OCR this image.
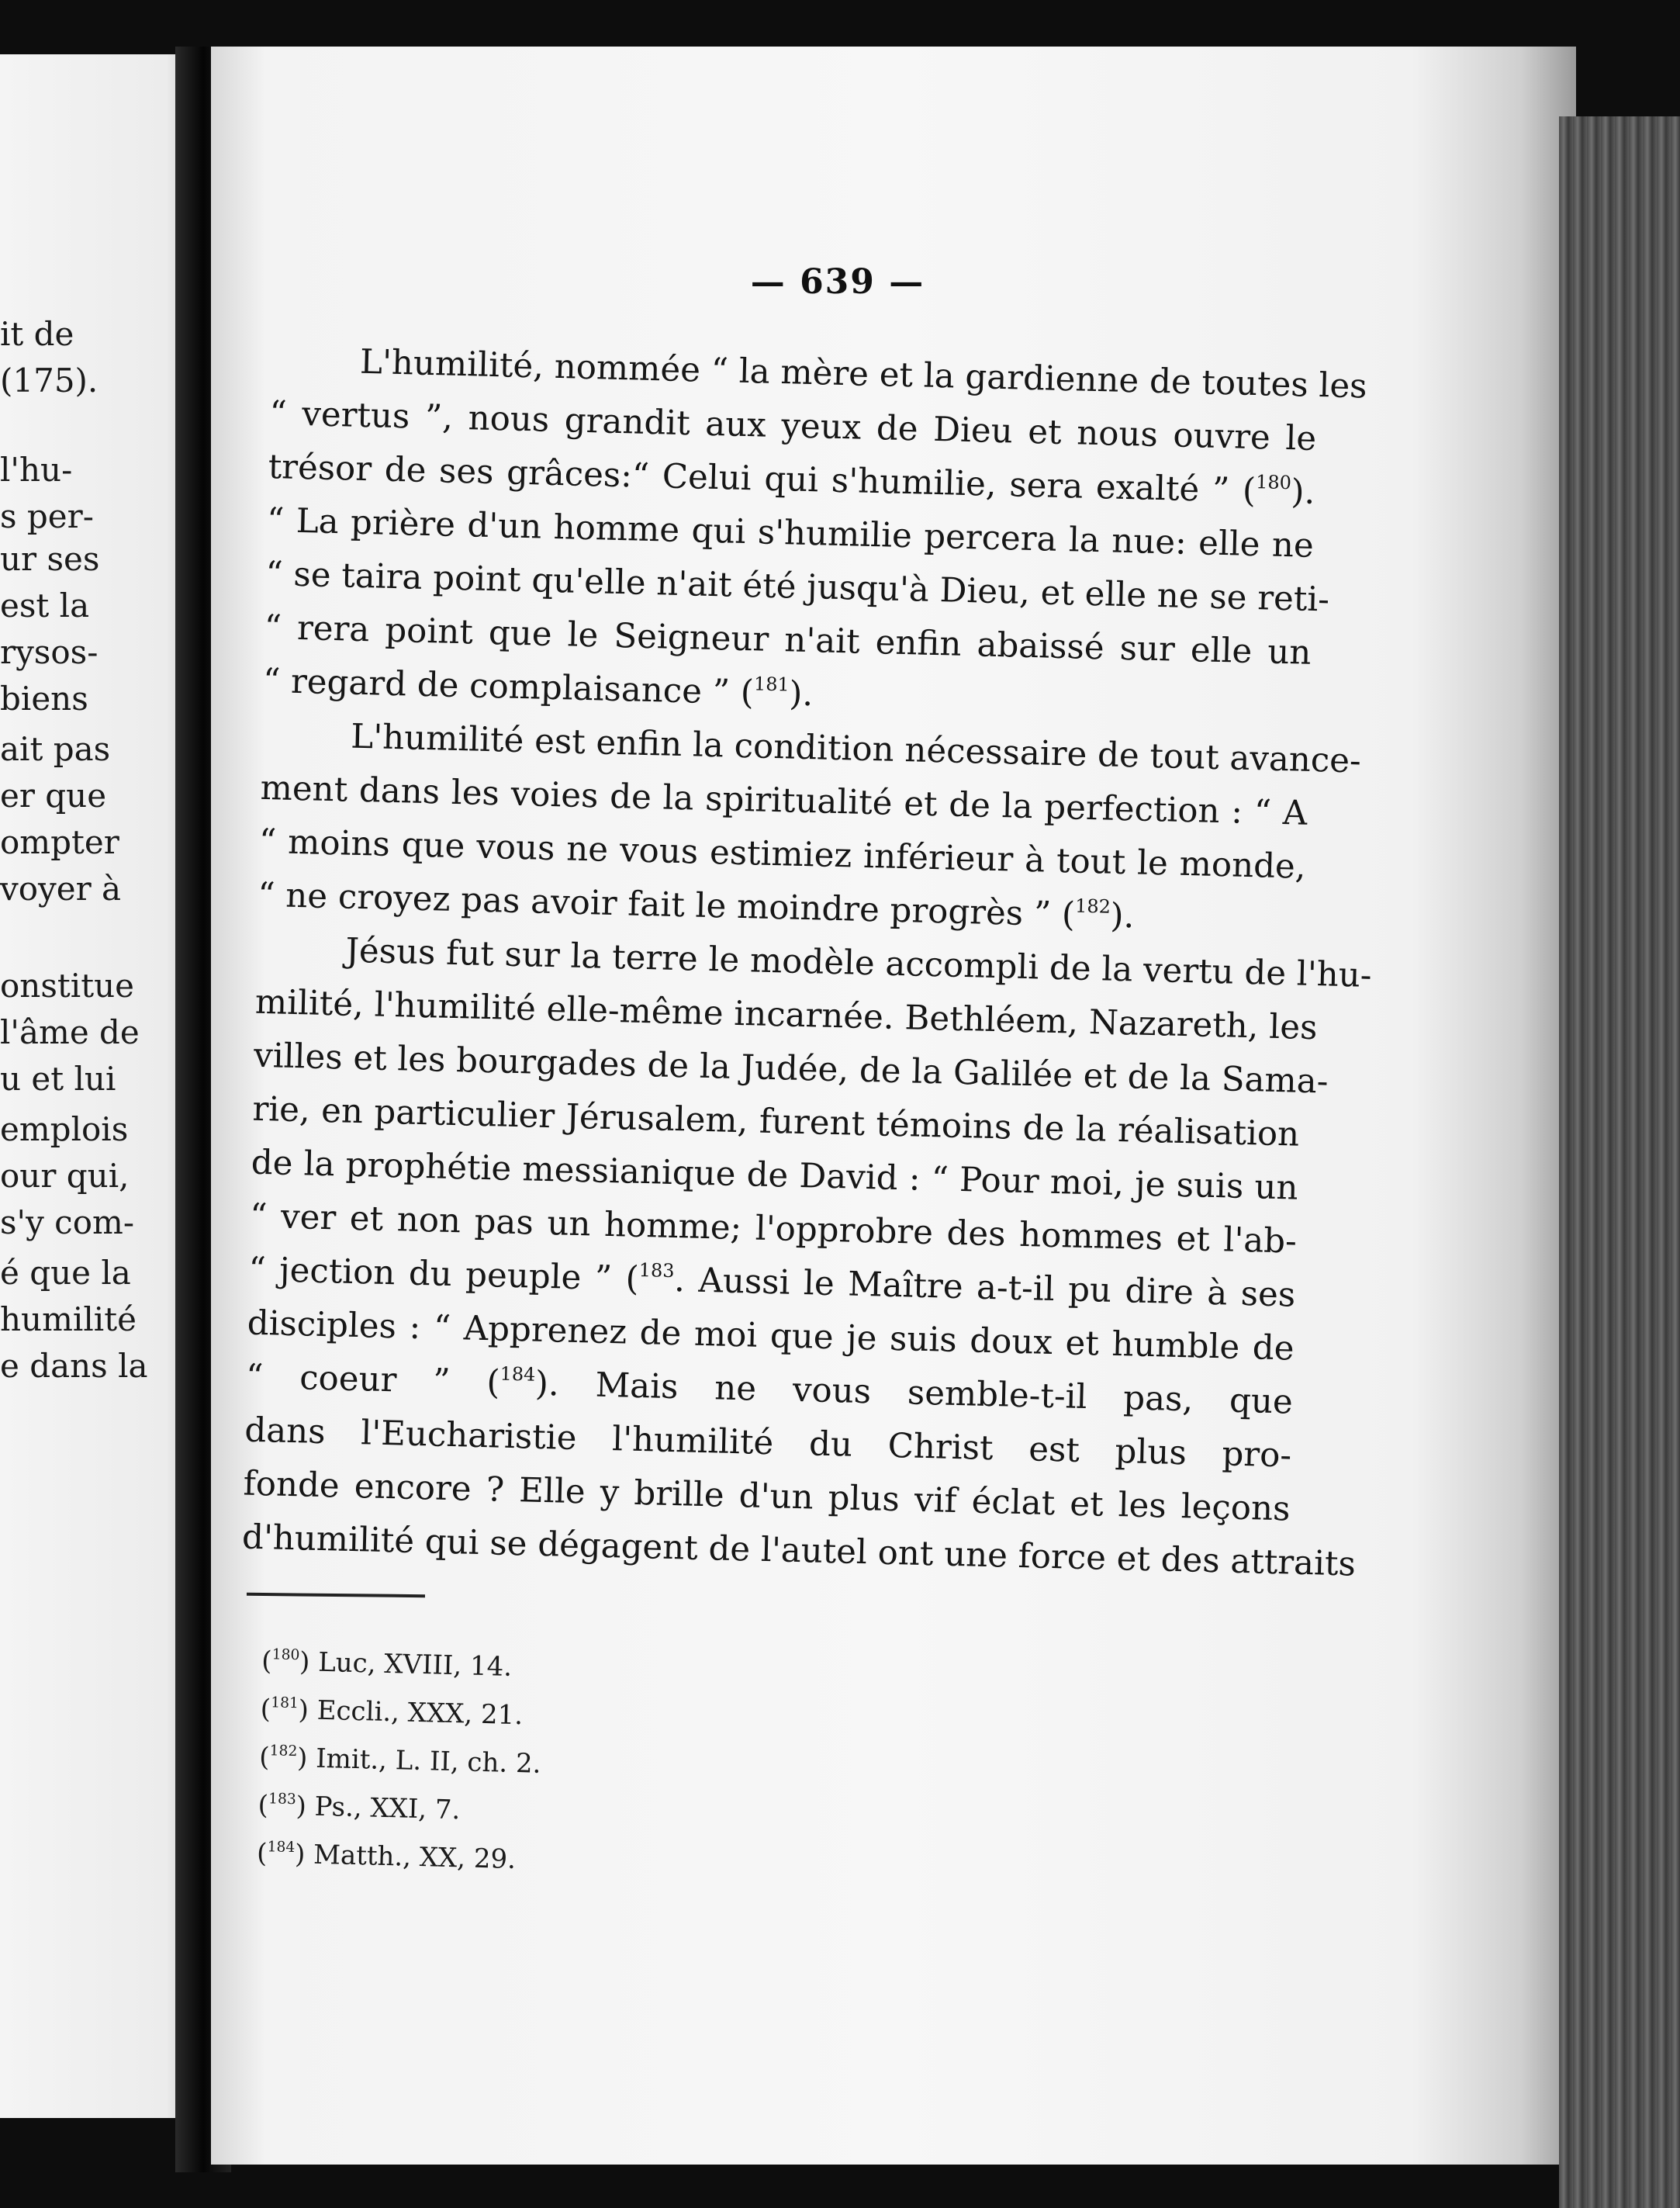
it de
(175).
l'hu-
s per-
ur ses
est la
rysos-
biens
ait pas
er que
ompter
voyer à
onstitue
l'âme de
u et lui
emplois
our qui,
s'y com-
é que la
humilité
e dans la
— 639 —
L'humilité, nommée “ la mère et la gardienne de toutes les
“ vertus ”, nous grandit aux yeux de Dieu et nous ouvre le
trésor de ses grâces:“ Celui qui s'humilie, sera exalté ” ($^{180}$).
“ La prière d'un homme qui s'humilie percera la nue: elle ne
“ se taira point qu'elle n'ait été jusqu'à Dieu, et elle ne se reti-
“ rera point que le Seigneur n'ait enfin abaissé sur elle un
“ regard de complaisance ” ($^{181}$).
L'humilité est enfin la condition nécessaire de tout avance-
ment dans les voies de la spiritualité et de la perfection : “ A
“ moins que vous ne vous estimiez inférieur à tout le monde,
“ ne croyez pas avoir fait le moindre progrès ” ($^{182}$).
Jésus fut sur la terre le modèle accompli de la vertu de l'hu-
milité, l'humilité elle-même incarnée. Bethléem, Nazareth, les
villes et les bourgades de la Judée, de la Galilée et de la Sama-
rie, en particulier Jérusalem, furent témoins de la réalisation
de la prophétie messianique de David : “ Pour moi, je suis un
“ ver et non pas un homme; l'opprobre des hommes et l'ab-
“ jection du peuple ” ($^{183}$. Aussi le Maître a-t-il pu dire à ses
disciples : “ Apprenez de moi que je suis doux et humble de
“ coeur ” ($^{184}$). Mais ne vous semble-t-il pas, que
dans l'Eucharistie l'humilité du Christ est plus pro-
fonde encore ? Elle y brille d'un plus vif éclat et les leçons
d'humilité qui se dégagent de l'autel ont une force et des attraits
($^{180}$) Luc, XVIII, 14.
($^{181}$) Eccli., XXX, 21.
($^{182}$) Imit., L. II, ch. 2.
($^{183}$) Ps., XXI, 7.
($^{184}$) Matth., XX, 29.
